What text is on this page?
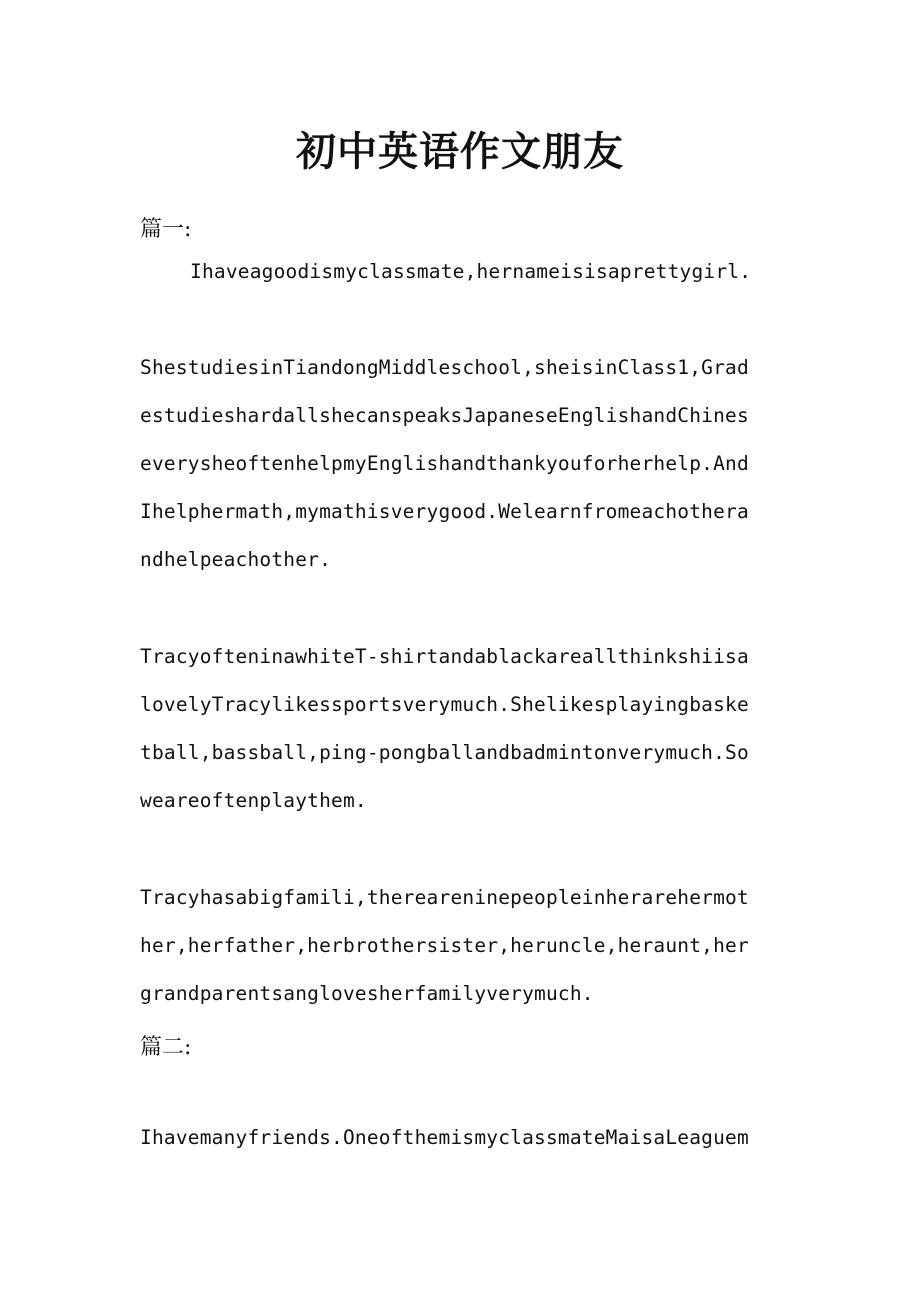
初中英语作文朋友
篇一:
Ihaveagoodismyclassmate,hernameisisaprettygirl.
ShestudiesinTiandongMiddleschool,sheisinClass1,Grad
estudieshardallshecanspeaksJapaneseEnglishandChines
everysheoftenhelpmyEnglishandthankyouforherhelp.And
Ihelphermath,mymathisverygood.Welearnfromeachothera
ndhelpeachother.
TracyofteninawhiteT-shirtandablackareallthinkshiisa
lovelyTracylikessportsverymuch.Shelikesplayingbaske
tball,bassball,ping-pongballandbadmintonverymuch.So
weareoftenplaythem.
Tracyhasabigfamili,thereareninepeopleinherarehermot
her,herfather,herbrothersister,heruncle,heraunt,her
grandparentsanglovesherfamilyverymuch.
篇二:
Ihavemanyfriends.OneofthemismyclassmateMaisaLeaguem
